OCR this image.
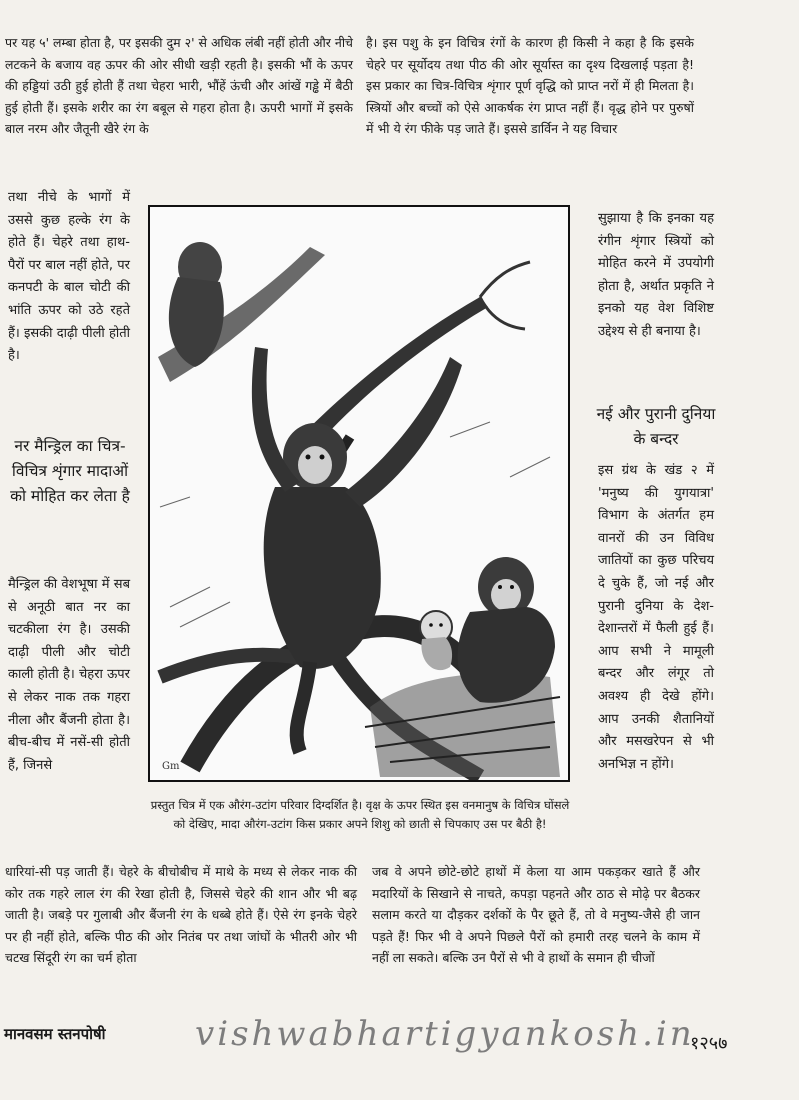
पर यह ५' लम्बा होता है, पर इसकी दुम २' से अधिक लंबी नहीं होती और नीचे लटकने के बजाय वह ऊपर की ओर सीधी खड़ी रहती है। इसकी भौं के ऊपर की हड्डियां उठी हुई होती हैं तथा चेहरा भारी, भौंहें ऊंची और आंखें गड्ढे में बैठी हुई होती हैं। इसके शरीर का रंग बबूल से गहरा होता है। ऊपरी भागों में इसके बाल नरम और जैतूनी खैरे रंग के

तथा नीचे के भागों में उससे कुछ हल्के रंग के होते हैं। चेहरे तथा हाथ-पैरों पर बाल नहीं होते, पर कनपटी के बाल चोटी की भांति ऊपर को उठे रहते हैं। इसकी दाढ़ी पीली होती है।

नर मैन्ड्रिल का चित्र-विचित्र शृंगार मादाओं को मोहित कर लेता है

मैन्ड्रिल की वेशभूषा में सब से अनूठी बात नर का चटकीला रंग है। उसकी दाढ़ी पीली और चोटी काली होती है। चेहरा ऊपर से लेकर नाक तक गहरा नीला और बैंजनी होता है। बीच-बीच में नसें-सी होती हैं, जिनसे

है। इस पशु के इन विचित्र रंगों के कारण ही किसी ने कहा है कि इसके चेहरे पर सूर्योदय तथा पीठ की ओर सूर्यास्त का दृश्य दिखलाई पड़ता है! इस प्रकार का चित्र-विचित्र शृंगार पूर्ण वृद्धि को प्राप्त नरों में ही मिलता है। स्त्रियों और बच्चों को ऐसे आकर्षक रंग प्राप्त नहीं हैं। वृद्ध होने पर पुरुषों में भी ये रंग फीके पड़ जाते हैं। इससे डार्विन ने यह विचार

सुझाया है कि इनका यह रंगीन शृंगार स्त्रियों को मोहित करने में उपयोगी होता है, अर्थात प्रकृति ने इनको यह वेश विशिष्ट उद्देश्य से ही बनाया है।

नई और पुरानी दुनिया के बन्दर

इस ग्रंथ के खंड २ में 'मनुष्य की युगयात्रा' विभाग के अंतर्गत हम वानरों की उन विविध जातियों का कुछ परिचय दे चुके हैं, जो नई और पुरानी दुनिया के देश-देशान्तरों में फैली हुई हैं। आप सभी ने मामूली बन्दर और लंगूर तो अवश्य ही देखे होंगे। आप उनकी शैतानियों और मसखरेपन से भी अनभिज्ञ न होंगे।

Gm

प्रस्तुत चित्र में एक औरंग-उटांग परिवार दिग्दर्शित है। वृक्ष के ऊपर स्थित इस वनमानुष के विचित्र घोंसले को देखिए, मादा औरंग-उटांग किस प्रकार अपने शिशु को छाती से चिपकाए उस पर बैठी है!

धारियां-सी पड़ जाती हैं। चेहरे के बीचोबीच में माथे के मध्य से लेकर नाक की कोर तक गहरे लाल रंग की रेखा होती है, जिससे चेहरे की शान और भी बढ़ जाती है। जबड़े पर गुलाबी और बैंजनी रंग के धब्बे होते हैं। ऐसे रंग इनके चेहरे पर ही नहीं होते, बल्कि पीठ की ओर नितंब पर तथा जांघों के भीतरी ओर भी चटख सिंदूरी रंग का चर्म होता

जब वे अपने छोटे-छोटे हाथों में केला या आम पकड़कर खाते हैं और मदारियों के सिखाने से नाचते, कपड़ा पहनते और ठाठ से मोढ़े पर बैठकर सलाम करते या दौड़कर दर्शकों के पैर छूते हैं, तो वे मनुष्य-जैसे ही जान पड़ते हैं! फिर भी वे अपने पिछले पैरों को हमारी तरह चलने के काम में नहीं ला सकते। बल्कि उन पैरों से भी वे हाथों के समान ही चीजों

मानवसम स्तनपोषी	vishwabhartigyankosh.in

१२५७
